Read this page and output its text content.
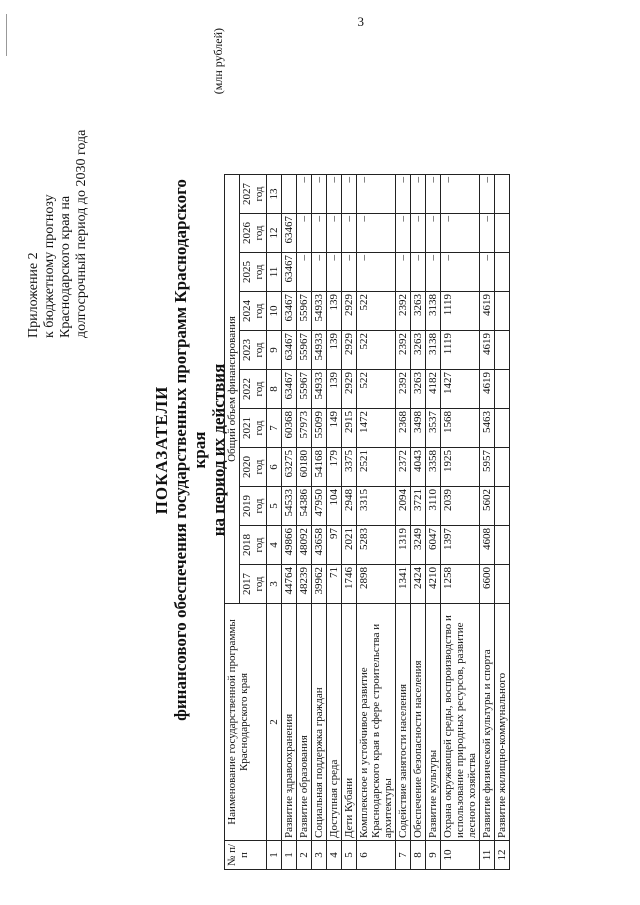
3
Приложение 2 к бюджетному прогнозу Краснодарского края на долгосрочный период до 2030 года
ПОКАЗАТЕЛИ финансового обеспечения государственных программ Краснодарского края на период их действия
(млн рублей)
№ п/п	Наименование государственной программы Краснодарского края	Общий объем финансирования										
		2017 год	2018 год	2019 год	2020 год	2021 год	2022 год	2023 год	2024 год	2025 год	2026 год	2027 год
1	2	3	4	5	6	7	8	9	10	11	12	13
1	Развитие здравоохранения	44764	49866	54533	63275	60368	63467	63467	63467	63467	63467	
2	Развитие образования	48239	48092	54386	60180	57973	55967	55967	55967	–	–	–
3	Социальная поддержка граждан	39962	43658	47950	54168	55099	54933	54933	54933	–	–	–
4	Доступная среда	71	97	104	179	149	139	139	139	–	–	–
5	Дети Кубани	1746	2021	2948	3375	2915	2929	2929	2929	–	–	–
6	Комплексное и устойчивое развитие Краснодарского края в сфере строительства и архитектуры	2898	5283	3315	2521	1472	522	522	522	–	–	–
7	Содействие занятости населения	1341	1319	2094	2372	2368	2392	2392	2392	–	–	–
8	Обеспечение безопасности населения	2424	3249	3721	4043	3498	3263	3263	3263	–	–	–
9	Развитие культуры	4210	6047	3110	3358	3537	4182	3138	3138	–	–	–
10	Охрана окружающей среды, воспроизводство и использование природных ресурсов, развитие лесного хозяйства	1258	1397	2039	1925	1568	1427	1119	1119	–	–	–
11	Развитие физической культуры и спорта	6600	4608	5602	5957	5463	4619	4619	4619	–	–	–
12	Развитие жилищно-коммунального											
